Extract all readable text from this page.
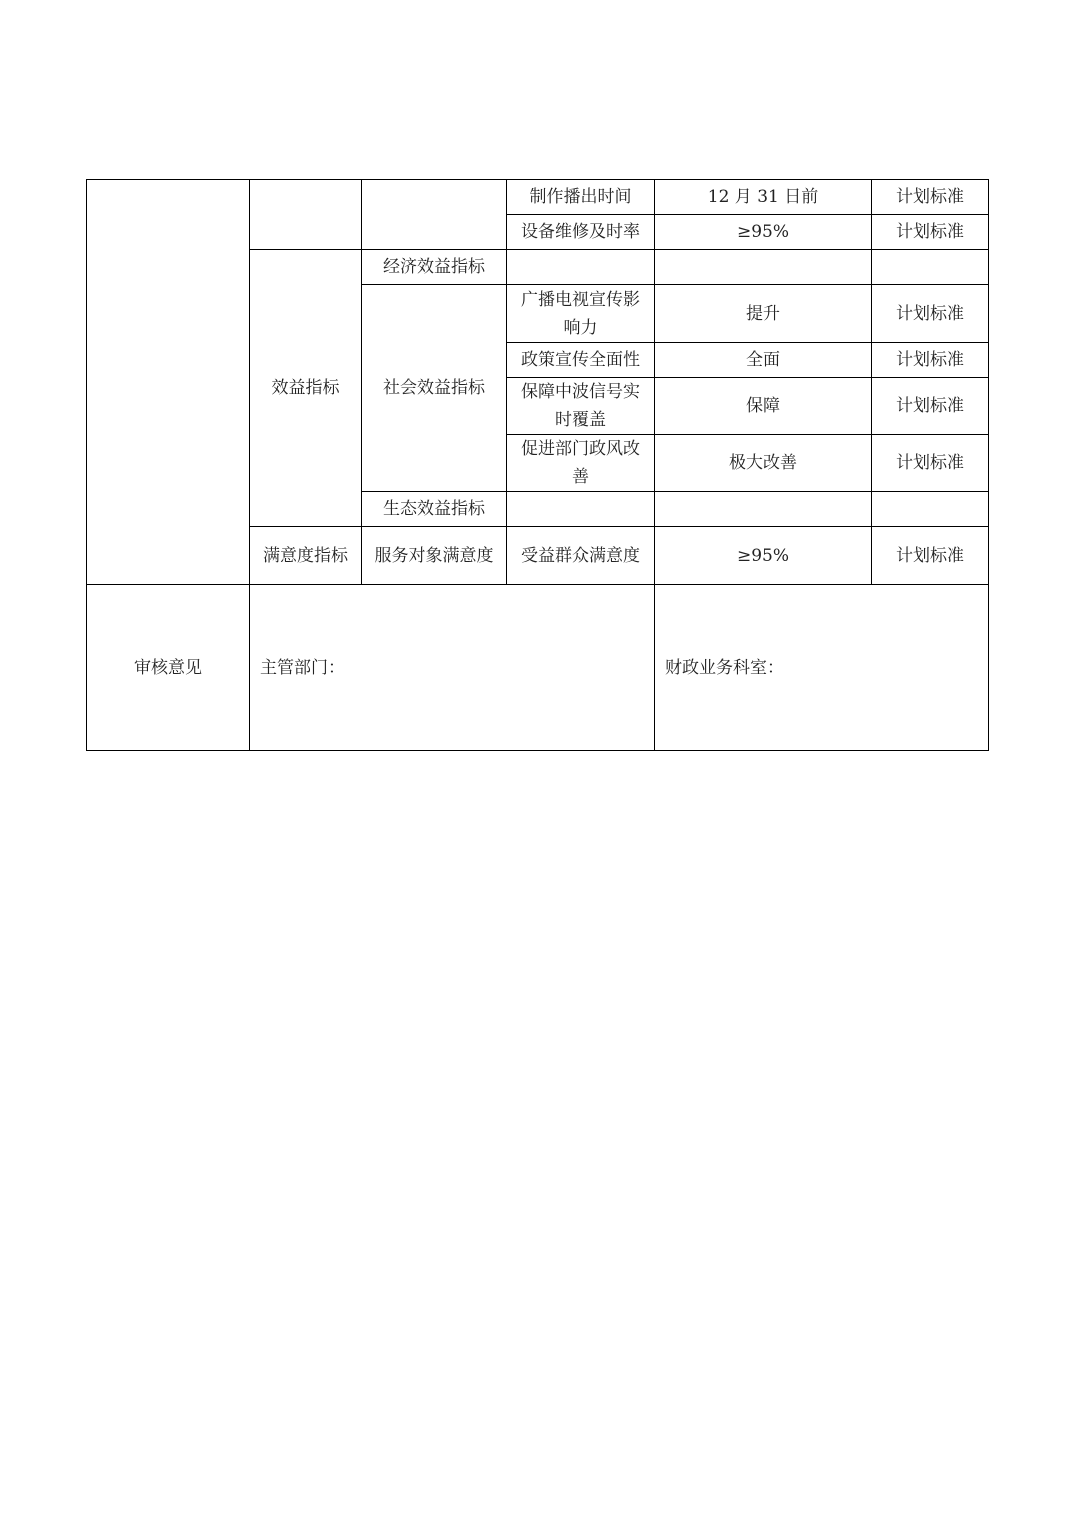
			制作播出时间	12 月 31 日前	计划标准
			设备维修及时率	≥95%	计划标准
	效益指标	经济效益指标			
		社会效益指标	广播电视宣传影响力	提升	计划标准
			政策宣传全面性	全面	计划标准
			保障中波信号实时覆盖	保障	计划标准
			促进部门政风改善	极大改善	计划标准
		生态效益指标			
	满意度指标	服务对象满意度	受益群众满意度	≥95%	计划标准
审核意见	主管部门：			财政业务科室：	
